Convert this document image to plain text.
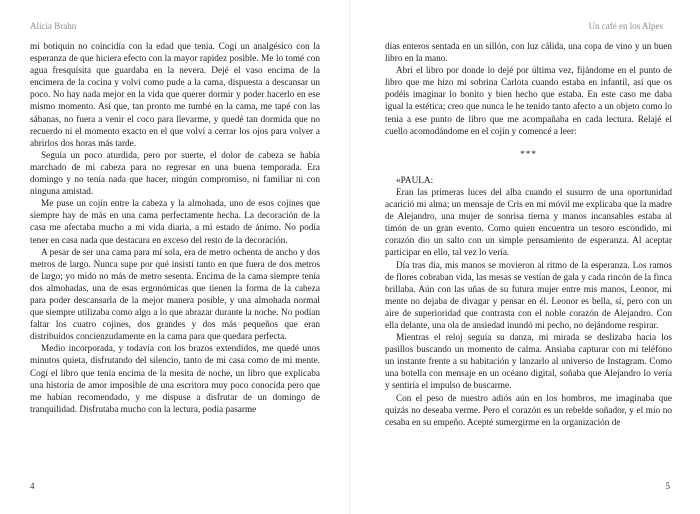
Alicia Brahn

mi botiquín no coincidía con la edad que tenía. Cogí un analgésico con la esperanza de que hiciera efecto con la mayor rapidez posible. Me lo tomé con agua fresquísita que guardaba en la nevera. Dejé el vaso encima de la encimera de la cocina y volví como pude a la cama, dispuesta a descansar un poco. No hay nada mejor en la vida que querer dormir y poder hacerlo en ese mismo momento. Así que, tan pronto me tumbé en la cama, me tapé con las sábanas, no fuera a venir el coco para llevarme, y quedé tan dormida que no recuerdo ni el momento exacto en el que volví a cerrar los ojos para volver a abrirlos dos horas más tarde.

Seguía un poco aturdida, pero por suerte, el dolor de cabeza se había marchado de mi cabeza para no regresar en una buena temporada. Era domingo y no tenía nada que hacer, ningún compromiso, ni familiar ni con ninguna amistad.

Me puse un cojín entre la cabeza y la almohada, uno de esos cojines que siempre hay de más en una cama perfectamente hecha. La decoración de la casa me afectaba mucho a mi vida diaria, a mi estado de ánimo. No podía tener en casa nada que destacara en exceso del resto de la decoración.

A pesar de ser una cama para mí sola, era de metro ochenta de ancho y dos metros de largo. Nunca supe por qué insistí tanto en que fuera de dos metros de largo; yo mido no más de metro sesenta. Encima de la cama siempre tenía dos almohadas, una de esas ergonómicas que tienen la forma de la cabeza para poder descansarla de la mejor manera posible, y una almohada normal que siempre utilizaba como algo a lo que abrazar durante la noche. No podían faltar los cuatro cojines, dos grandes y dos más pequeños que eran distribuidos concienzudamente en la cama para que quedara perfecta.

Medio incorporada, y todavía con los brazos extendidos, me quedé unos minutos quieta, disfrutando del silencio, tanto de mi casa como de mi mente. Cogí el libro que tenía encima de la mesita de noche, un libro que explicaba una historia de amor imposible de una escritora muy poco conocida pero que me habían recomendado, y me dispuse a disfrutar de un domingo de tranquilidad. Disfrutaba mucho con la lectura, podía pasarme

4
Un café en los Alpes

días enteros sentada en un sillón, con luz cálida, una copa de vino y un buen libro en la mano.

Abrí el libro por donde lo dejé por última vez, fijándome en el punto de libro que me hizo mi sobrina Carlota cuando estaba en infantil, así que os podéis imaginar lo bonito y bien hecho que estaba. En este caso me daba igual la estética; creo que nunca le he tenido tanto afecto a un objeto como lo tenía a ese punto de libro que me acompañaba en cada lectura. Relajé el cuello acomodándome en el cojín y comencé a leer:

***

«PAULA:

Eran las primeras luces del alba cuando el susurro de una oportunidad acarició mi alma; un mensaje de Cris en mi móvil me explicaba que la madre de Alejandro, una mujer de sonrisa tierna y manos incansables estaba al timón de un gran evento. Como quien encuentra un tesoro escondido, mi corazón dio un salto con un simple pensamiento de esperanza. Al aceptar participar en ello, tal vez lo vería.

Día tras día, mis manos se movieron al ritmo de la esperanza. Los ramos de flores cobraban vida, las mesas se vestían de gala y cada rincón de la finca brillaba. Aún con las uñas de su futura mujer entre mis manos, Leonor, mi mente no dejaba de divagar y pensar en él. Leonor es bella, sí, pero con un aire de superioridad que contrasta con el noble corazón de Alejandro. Con ella delante, una ola de ansiedad inundó mi pecho, no dejándome respirar.

Mientras el reloj seguía su danza, mi mirada se deslizaba hacia los pasillos buscando un momento de calma. Ansiaba capturar con mi teléfono un instante frente a su habitación y lanzarlo al universo de Instagram. Como una botella con mensaje en un océano digital, soñaba que Alejandro lo vería y sentiría el impulso de buscarme.

Con el peso de nuestro adiós aún en los hombros, me imaginaba que quizás no deseaba verme. Pero el corazón es un rebelde soñador, y el mío no cesaba en su empeño. Acepté sumergirme en la organización de

5
